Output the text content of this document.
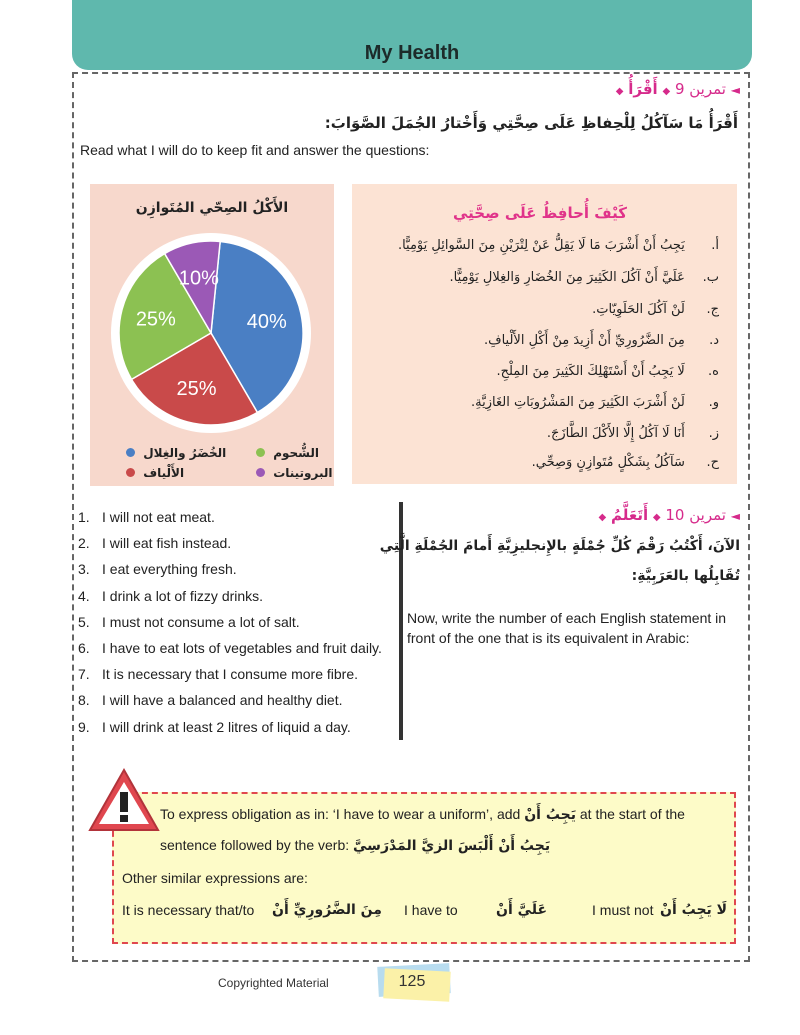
My Health
◄ تمرين 9 ◆ أَقْرَأُ ◆
أَقْرَأُ مَا سَآكُلُ لِلْحِفاظِ عَلَى صِحَّتِي وَأَخْتارُ الجُمَلَ الصَّوَابَ:
Read what I will do to keep fit and answer the questions:
الأَكْلُ الصِحّي المُتَوازِن
40%
25%
25%
10%
الخُضَرُ والغِلال	الشُّحوم
الأَلْياف	البروتينات
كَيْفَ أُحافِظُ عَلَى صِحَّتِي
أ. يَجِبُ أَنْ أَشْرَبَ مَا لَا يَقِلُّ عَنْ لِتْرَيْنِ مِنَ السَّوائِلِ يَوْمِيًّا.
ب. عَلَيَّ أَنْ آكُلَ الكَثِيرَ مِنَ الخُضَارِ وَالغِلالِ يَوْمِيًّا.
ج. لَنْ آكُلَ الحَلَوِيّاتِ.
د. مِنَ الضَّرُورِيِّ أَنْ أَزِيدَ مِنْ أَكْلِ الأَلْيافِ.
ه. لَا يَجِبُ أَنْ أَسْتَهْلِكَ الكَثِيرَ مِنَ المِلْحِ.
و. لَنْ أَشْرَبَ الكَثِيرَ مِنَ المَشْرُوبَاتِ الغَازِيَّةِ.
ز. أَنَا لَا آكُلُ إِلَّا الأَكْلَ الطَّازَجَ.
ح. سَآكُلُ بِشَكْلٍ مُتَوازِنٍ وَصِحِّي.
1. I will not eat meat.
2. I will eat fish instead.
3. I eat everything fresh.
4. I drink a lot of fizzy drinks.
5. I must not consume a lot of salt.
6. I have to eat lots of vegetables and fruit daily.
7. It is necessary that I consume more fibre.
8. I will have a balanced and healthy diet.
9. I will drink at least 2 litres of liquid a day.
◄ تمرين 10 ◆ أَتَعَلَّمُ ◆
الآنَ، أَكْتُبُ رَقْمَ كُلِّ جُمْلَةٍ بالإِنجليزِيَّةِ أَمامَ الجُمْلَةِ الَّتِي
تُقَابِلُها بالعَرَبِيَّةِ:
Now, write the number of each English statement in front of the one that is its equivalent in Arabic:
To express obligation as in: ‘I have to wear a uniform’, add يَجِبُ أَنْ at the start of the
sentence followed by the verb: يَجِبُ أَنْ أَلْبَسَ الزيَّ المَدْرَسِيَّ
Other similar expressions are:
It is necessary that/to مِنَ الضَّرُورِيِّ أَنْ I have to	عَلَيَّ أَنْ	I must not لَا يَجِبُ أَنْ
Copyrighted Material	125
